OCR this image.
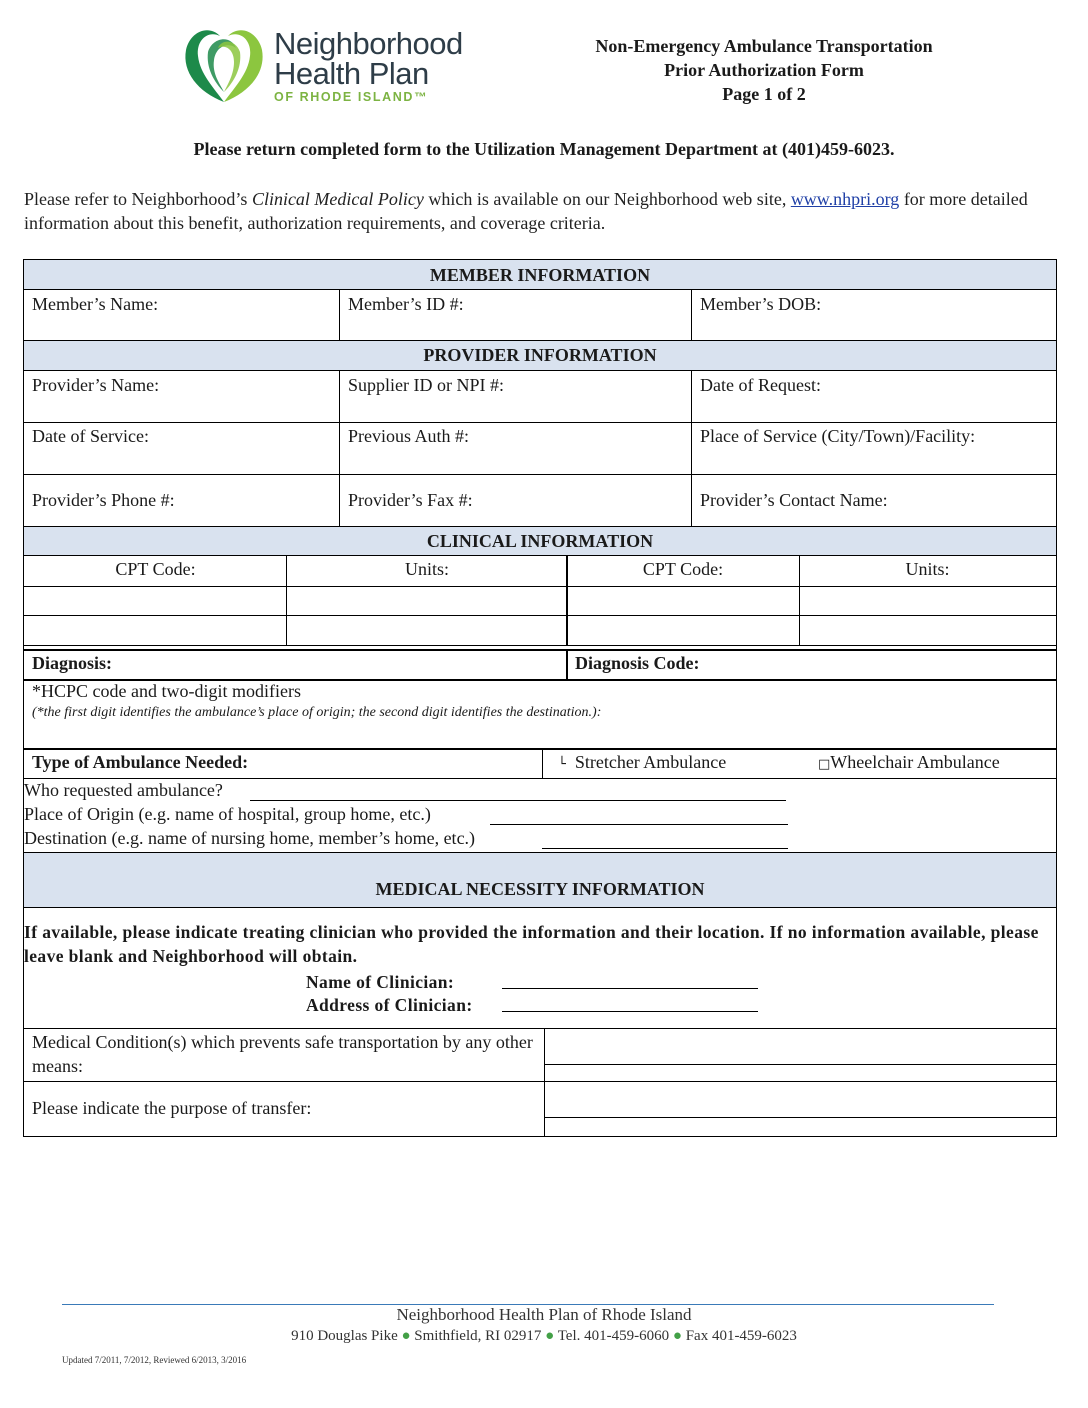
Neighborhood
Health Plan
OF RHODE ISLAND™
Non-Emergency Ambulance Transportation
Prior Authorization Form
Page 1 of 2
Please return completed form to the Utilization Management Department at (401)459-6023.
Please refer to Neighborhood’s Clinical Medical Policy which is available on our Neighborhood web site, www.nhpri.org for more detailed information about this benefit, authorization requirements, and coverage criteria.
MEMBER INFORMATION
Member’s Name:	Member’s ID #:	Member’s DOB:
PROVIDER INFORMATION
Provider’s Name:	Supplier ID or NPI #:	Date of Request:
Date of Service:	Previous Auth #:	Place of Service (City/Town)/Facility:
Provider’s Phone #:	Provider’s Fax #:	Provider’s Contact Name:
CLINICAL INFORMATION
CPT Code:	Units:	CPT Code:	Units:
Diagnosis:	Diagnosis Code:
*HCPC code and two-digit modifiers
(*the first digit identifies the ambulance’s place of origin; the second digit identifies the destination.):
Type of Ambulance Needed:	└ Stretcher Ambulance	□Wheelchair Ambulance
Who requested ambulance?
Place of Origin (e.g. name of hospital, group home, etc.)
Destination (e.g. name of nursing home, member’s home, etc.)
MEDICAL NECESSITY INFORMATION
If available, please indicate treating clinician who provided the information and their location. If no information available, please leave blank and Neighborhood will obtain.
Name of Clinician:
Address of Clinician:
Medical Condition(s) which prevents safe transportation by any other means:
Please indicate the purpose of transfer:
Neighborhood Health Plan of Rhode Island
910 Douglas Pike ● Smithfield, RI 02917 ● Tel. 401-459-6060 ● Fax 401-459-6023
Updated 7/2011, 7/2012, Reviewed 6/2013, 3/2016
